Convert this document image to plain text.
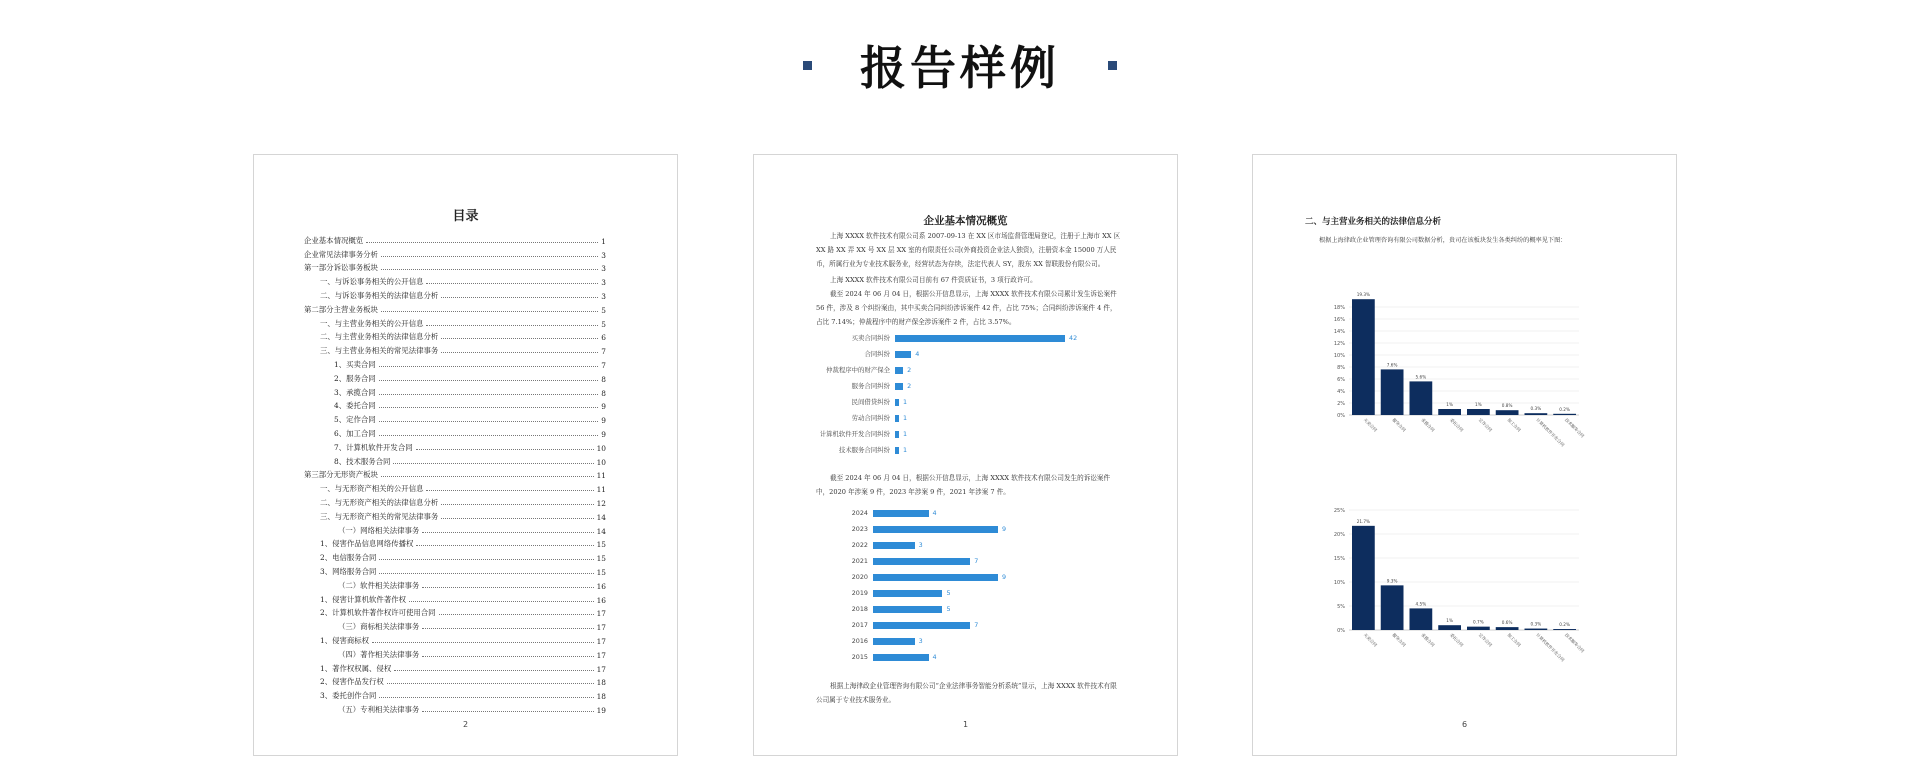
报告样例
目录
企业基本情况概览	1
企业常见法律事务分析	3
第一部分诉讼事务板块	3
一、与诉讼事务相关的公开信息	3
二、与诉讼事务相关的法律信息分析	3
第二部分主营业务板块	5
一、与主营业务相关的公开信息	5
二、与主营业务相关的法律信息分析	6
三、与主营业务相关的常见法律事务	7
1、买卖合同	7
2、服务合同	8
3、承揽合同	8
4、委托合同	9
5、定作合同	9
6、加工合同	9
7、计算机软件开发合同	10
8、技术服务合同	10
第三部分无形资产板块	11
一、与无形资产相关的公开信息	11
二、与无形资产相关的法律信息分析	12
三、与无形资产相关的常见法律事务	14
（一）网络相关法律事务	14
1、侵害作品信息网络传播权	15
2、电信服务合同	15
3、网络服务合同	15
（二）软件相关法律事务	16
1、侵害计算机软件著作权	16
2、计算机软件著作权许可使用合同	17
（三）商标相关法律事务	17
1、侵害商标权	17
（四）著作相关法律事务	17
1、著作权权属、侵权	17
2、侵害作品发行权	18
3、委托创作合同	18
（五）专利相关法律事务	19
2
企业基本情况概览
上海 XXXX 软件技术有限公司系 2007-09-13 在 XX 区市场监督管理局登记，注册于上海市 XX 区 XX 路 XX 弄 XX 号 XX 层 XX 室的有限责任公司(外商投资企业法人独资)，注册资本金 15000 万人民币，所属行业为专业技术服务业，经营状态为存续，法定代表人 SY，股东 XX 智联股份有限公司。
上海 XXXX 软件技术有限公司目前有 67 件资质证书，3 项行政许可。
截至 2024 年 06 月 04 日，根据公开信息显示，上海 XXXX 软件技术有限公司累计发生诉讼案件 56 件，涉及 8 个纠纷案由，其中买卖合同纠纷涉诉案件 42 件，占比 75%；合同纠纷涉诉案件 4 件，占比 7.14%；仲裁程序中的财产保全涉诉案件 2 件，占比 3.57%。
买卖合同纠纷	42
合同纠纷	4
仲裁程序中的财产保全	2
服务合同纠纷	2
民间借贷纠纷 1
劳动合同纠纷 1
计算机软件开发合同纠纷 1
技术服务合同纠纷 1
截至 2024 年 06 月 04 日，根据公开信息显示，上海 XXXX 软件技术有限公司发生的诉讼案件中，2020 年涉案 9 件，2023 年涉案 9 件，2021 年涉案 7 件。
2024	4
2023	9
2022	3
2021	7
2020	9
2019	5
2018	5
2017	7
2016	3
2015	4
根据上海律政企业管理咨询有限公司“企业法律事务智能分析系统”显示，上海 XXXX 软件技术有限公司属于专业技术服务业。
1
二、与主营业务相关的法律信息分析
根据上海律政企业管理咨询有限公司数据分析，贵司在该板块发生各类纠纷的概率见下图：
0%
2%
4%
6%
8%
10%
12%
14%
16%
18%
19.3%
买卖合同
7.6%
服务合同
5.6%
承揽合同
1%
委托合同
1%
定作合同
0.8%
加工合同
0.3%
计算机软件开发合同
0.2%
技术服务合同
0%
5%
10%
15%
20%
25%
21.7%
买卖合同
9.3%
服务合同
4.5%
承揽合同
1%
委托合同
0.7%
定作合同
0.6%
加工合同
0.3%
计算机软件开发合同
0.2%
技术服务合同
6
